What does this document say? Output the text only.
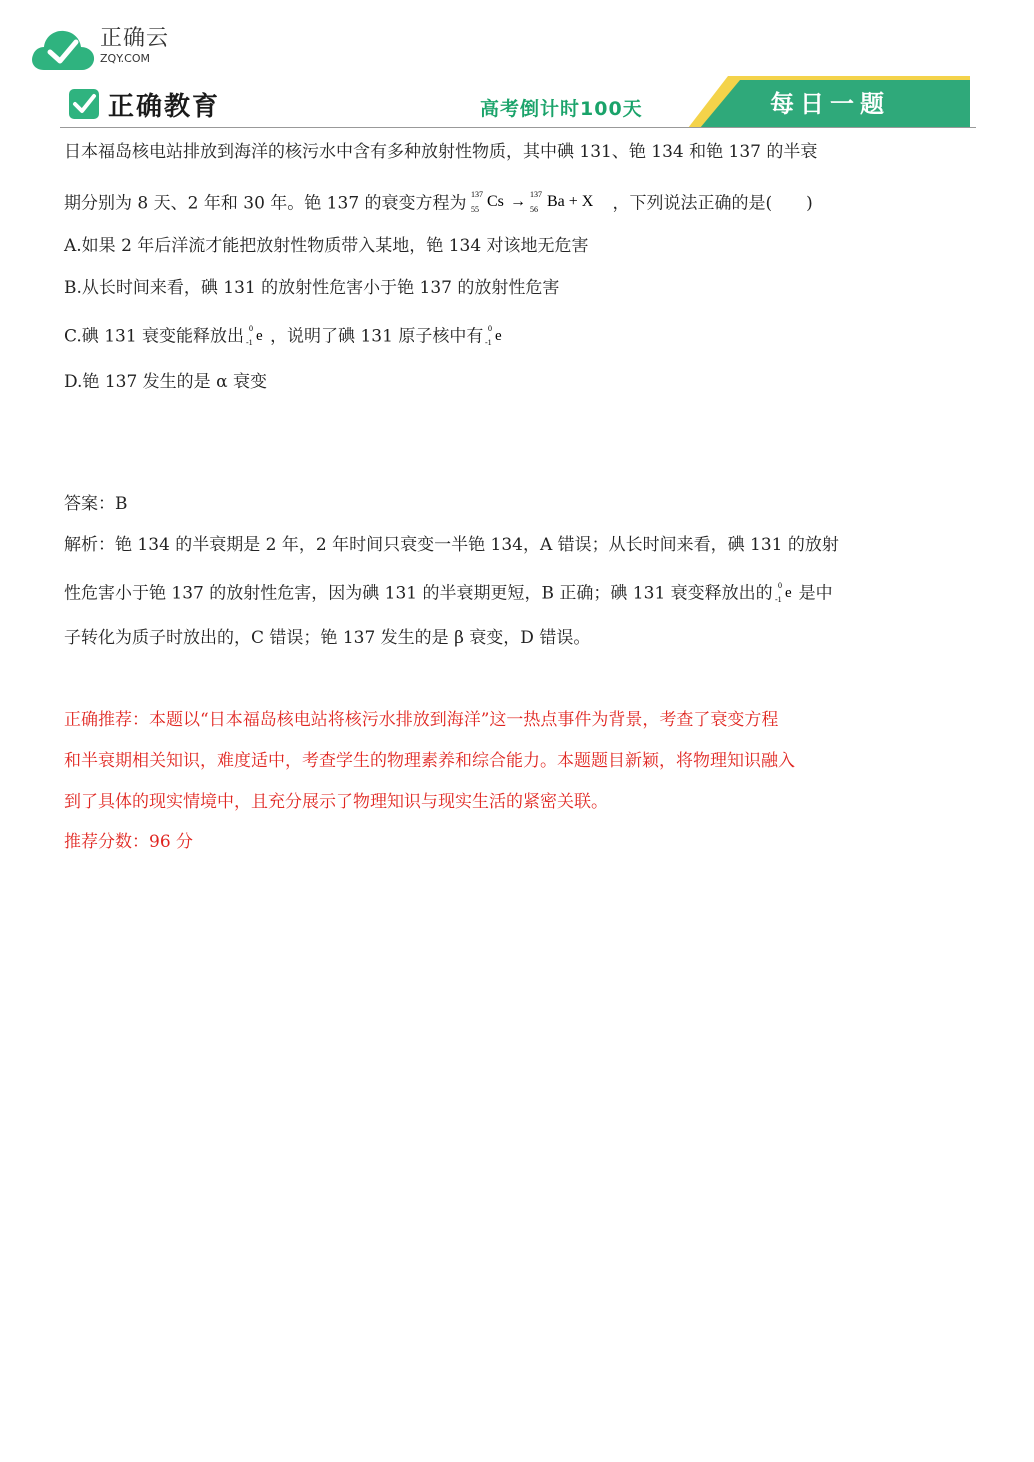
正确云
ZQY.COM
正确教育	高考倒计时100天	每日一题
日本福岛核电站排放到海洋的核污水中含有多种放射性物质，其中碘 131、铯 134 和铯 137 的半衰
期分别为 8 天、2 年和 30 年。铯 137 的衰变方程为 137
55 Cs → 137
56 Ba + X ，下列说法正确的是(　　)
A.如果 2 年后洋流才能把放射性物质带入某地，铯 134 对该地无危害
B.从长时间来看，碘 131 的放射性危害小于铯 137 的放射性危害
C.碘 131 衰变能释放出 0
-1 e ，说明了碘 131 原子核中有 0
-1 e
D.铯 137 发生的是 α 衰变
答案：B
解析：铯 134 的半衰期是 2 年，2 年时间只衰变一半铯 134，A 错误；从长时间来看，碘 131 的放射
性危害小于铯 137 的放射性危害，因为碘 131 的半衰期更短，B 正确；碘 131 衰变释放出的 0
-1 e 是中
子转化为质子时放出的，C 错误；铯 137 发生的是 β 衰变，D 错误。
正确推荐：本题以“日本福岛核电站将核污水排放到海洋”这一热点事件为背景，考查了衰变方程
和半衰期相关知识，难度适中，考查学生的物理素养和综合能力。本题题目新颖，将物理知识融入
到了具体的现实情境中，且充分展示了物理知识与现实生活的紧密关联。
推荐分数：96 分
